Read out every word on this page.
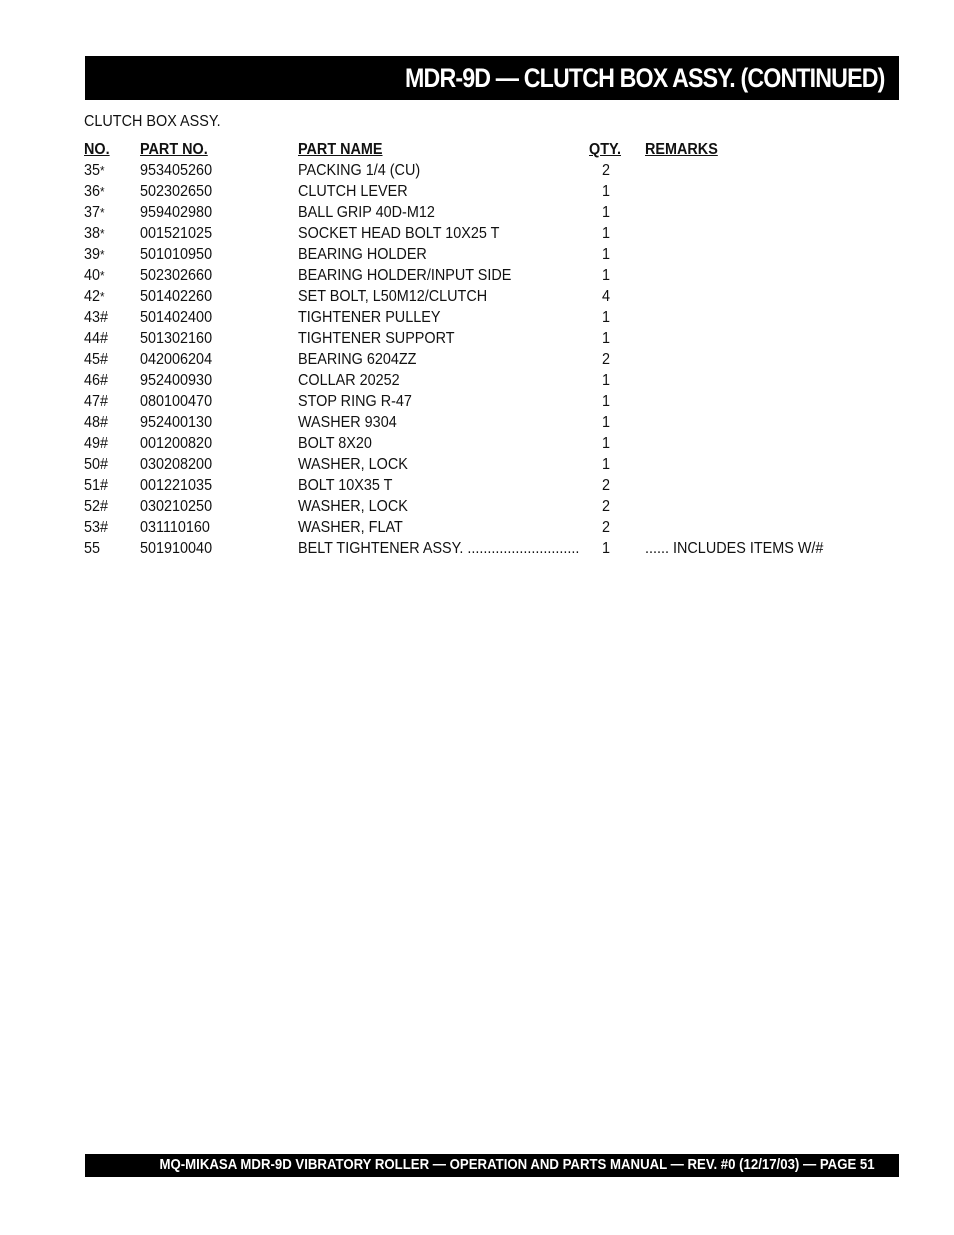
MDR-9D — CLUTCH BOX ASSY. (CONTINUED)
CLUTCH BOX ASSY.
NO. PART NO.	PART NAME	QTY. REMARKS
35* 953405260	PACKING 1/4 (CU)	2
36* 502302650	CLUTCH LEVER	1
37* 959402980	BALL GRIP 40D-M12	1
38* 001521025	SOCKET HEAD BOLT 10X25 T	1
39* 501010950	BEARING HOLDER	1
40* 502302660	BEARING HOLDER/INPUT SIDE	1
42* 501402260	SET BOLT, L50M12/CLUTCH	4
43# 501402400	TIGHTENER PULLEY	1
44# 501302160	TIGHTENER SUPPORT	1
45# 042006204	BEARING 6204ZZ	2
46# 952400930	COLLAR 20252	1
47# 080100470	STOP RING R-47	1
48# 952400130	WASHER 9304	1
49# 001200820	BOLT 8X20	1
50# 030208200	WASHER, LOCK	1
51# 001221035	BOLT 10X35 T	2
52# 030210250	WASHER, LOCK	2
53# 031110160	WASHER, FLAT	2
55 501910040	BELT TIGHTENER ASSY. ............................	1	...... INCLUDES ITEMS W/#
MQ-MIKASA MDR-9D VIBRATORY ROLLER — OPERATION AND PARTS MANUAL — REV. #0 (12/17/03) — PAGE 51
